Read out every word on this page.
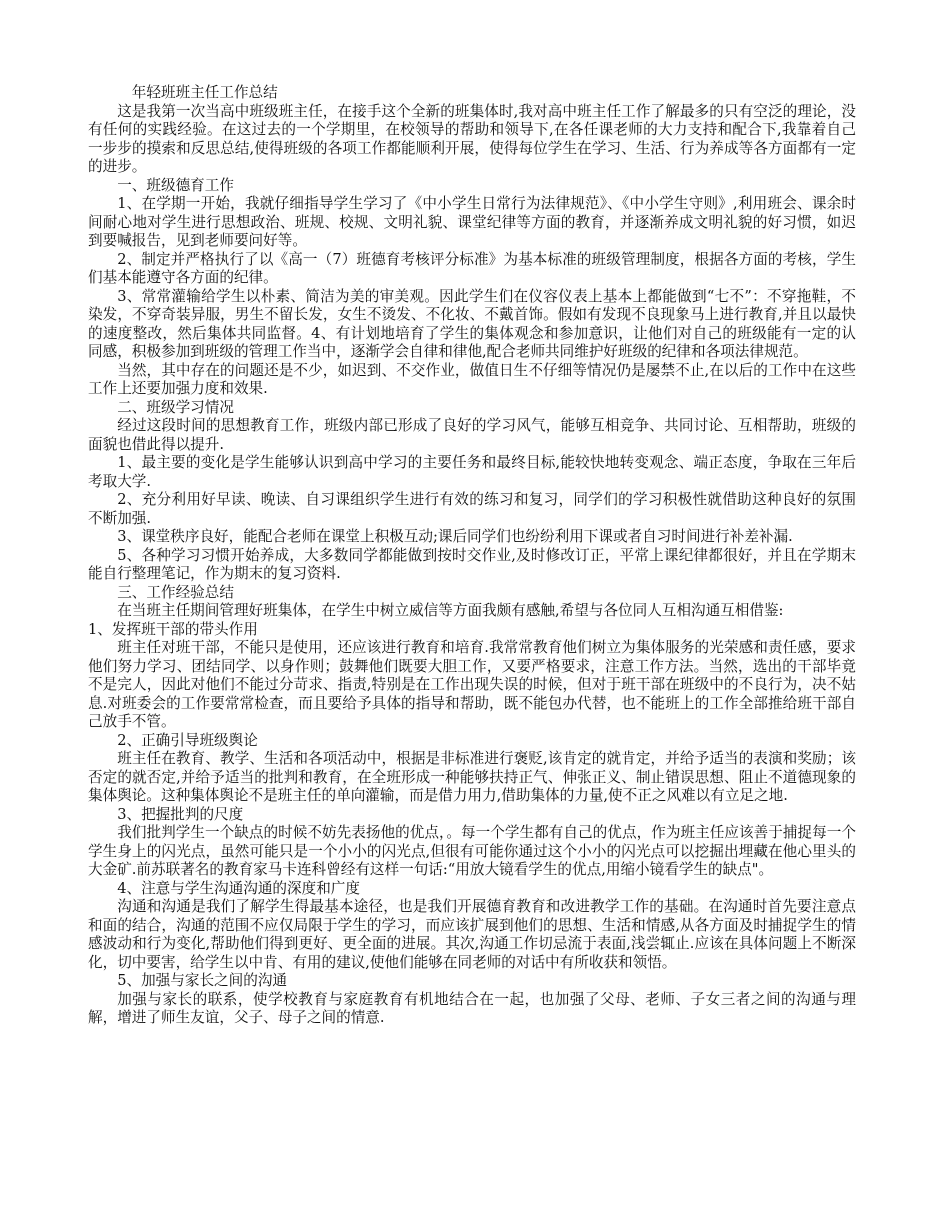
年轻班班主任工作总结

这是我第一次当高中班级班主任，在接手这个全新的班集体时,我对高中班主任工作了解最多的只有空泛的理论，没有任何的实践经验。在这过去的一个学期里，在校领导的帮助和领导下,在各任课老师的大力支持和配合下,我靠着自己一步步的摸索和反思总结,使得班级的各项工作都能顺利开展，使得每位学生在学习、生活、行为养成等各方面都有一定的进步。

一、班级德育工作

1、在学期一开始，我就仔细指导学生学习了《中小学生日常行为法律规范》、《中小学生守则》,利用班会、课余时间耐心地对学生进行思想政治、班规、校规、文明礼貌、课堂纪律等方面的教育，并逐渐养成文明礼貌的好习惯，如迟到要喊报告，见到老师要问好等。

2、制定并严格执行了以《高一（7）班德育考核评分标准》为基本标准的班级管理制度，根据各方面的考核，学生们基本能遵守各方面的纪律。

3、常常灌输给学生以朴素、简洁为美的审美观。因此学生们在仪容仪表上基本上都能做到“七不”：不穿拖鞋，不染发，不穿奇装异服，男生不留长发，女生不烫发、不化妆、不戴首饰。假如有发现不良现象马上进行教育,并且以最快的速度整改，然后集体共同监督。4、有计划地培育了学生的集体观念和参加意识，让他们对自己的班级能有一定的认同感，积极参加到班级的管理工作当中，逐渐学会自律和律他,配合老师共同维护好班级的纪律和各项法律规范。

当然，其中存在的问题还是不少，如迟到、不交作业，做值日生不仔细等情况仍是屡禁不止,在以后的工作中在这些工作上还要加强力度和效果.

二、班级学习情况

经过这段时间的思想教育工作，班级内部已形成了良好的学习风气，能够互相竞争、共同讨论、互相帮助，班级的面貌也借此得以提升.

1、最主要的变化是学生能够认识到高中学习的主要任务和最终目标,能较快地转变观念、端正态度，争取在三年后考取大学.

2、充分利用好早读、晚读、自习课组织学生进行有效的练习和复习，同学们的学习积极性就借助这种良好的氛围不断加强.

3、课堂秩序良好，能配合老师在课堂上积极互动;课后同学们也纷纷利用下课或者自习时间进行补差补漏.

5、各种学习习惯开始养成，大多数同学都能做到按时交作业,及时修改订正，平常上课纪律都很好，并且在学期末能自行整理笔记，作为期末的复习资料.

三、工作经验总结

在当班主任期间管理好班集体，在学生中树立威信等方面我颇有感触,希望与各位同人互相沟通互相借鉴:

1、发挥班干部的带头作用

班主任对班干部，不能只是使用，还应该进行教育和培育.我常常教育他们树立为集体服务的光荣感和责任感，要求他们努力学习、团结同学、以身作则；鼓舞他们既要大胆工作，又要严格要求，注意工作方法。当然，选出的干部毕竟不是完人，因此对他们不能过分苛求、指责,特别是在工作出现失误的时候，但对于班干部在班级中的不良行为，决不姑息.对班委会的工作要常常检查，而且要给予具体的指导和帮助，既不能包办代替，也不能班上的工作全部推给班干部自己放手不管。

2、正确引导班级舆论

班主任在教育、教学、生活和各项活动中，根据是非标准进行褒贬,该肯定的就肯定，并给予适当的表演和奖励；该否定的就否定,并给予适当的批判和教育，在全班形成一种能够扶持正气、伸张正义、制止错误思想、阻止不道德现象的集体舆论。这种集体舆论不是班主任的单向灌输，而是借力用力,借助集体的力量,使不正之风难以有立足之地.

3、把握批判的尺度

我们批判学生一个缺点的时候不妨先表扬他的优点，。每一个学生都有自己的优点，作为班主任应该善于捕捉每一个学生身上的闪光点，虽然可能只是一个小小的闪光点,但很有可能你通过这个小小的闪光点可以挖掘出埋藏在他心里头的大金矿.前苏联著名的教育家马卡连科曾经有这样一句话:“用放大镜看学生的优点,用缩小镜看学生的缺点"。

4、注意与学生沟通沟通的深度和广度

沟通和沟通是我们了解学生得最基本途径，也是我们开展德育教育和改进教学工作的基础。在沟通时首先要注意点和面的结合，沟通的范围不应仅局限于学生的学习，而应该扩展到他们的思想、生活和情感,从各方面及时捕捉学生的情感波动和行为变化,帮助他们得到更好、更全面的进展。其次,沟通工作切忌流于表面,浅尝辄止.应该在具体问题上不断深化，切中要害，给学生以中肯、有用的建议,使他们能够在同老师的对话中有所收获和领悟。

5、加强与家长之间的沟通

加强与家长的联系，使学校教育与家庭教育有机地结合在一起，也加强了父母、老师、子女三者之间的沟通与理解，增进了师生友谊，父子、母子之间的情意.
